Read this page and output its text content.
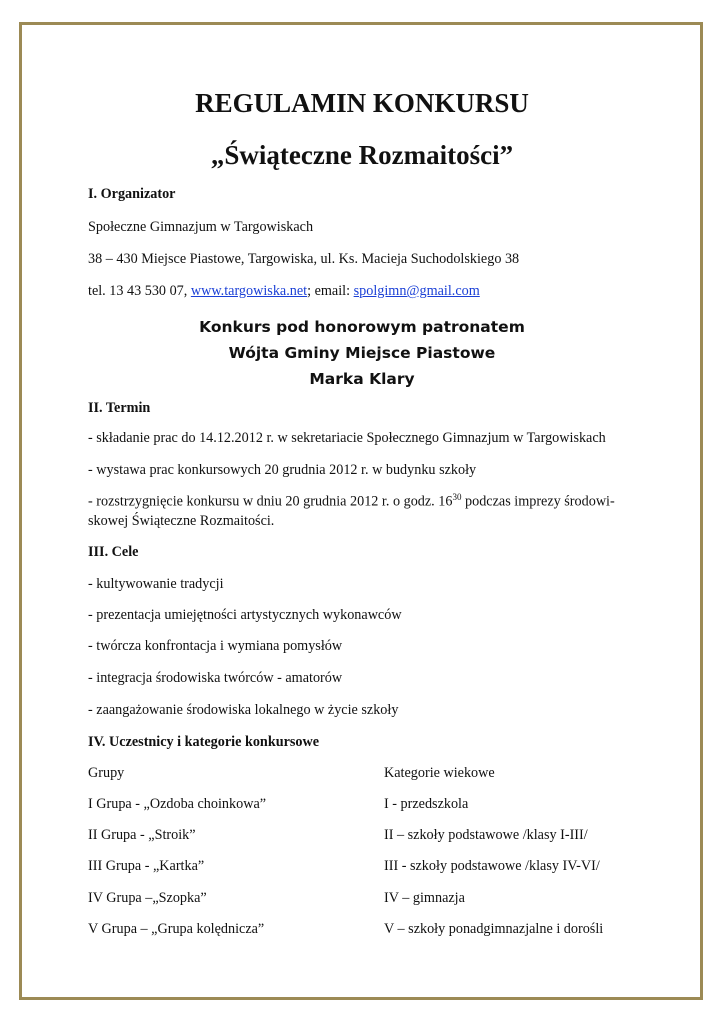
REGULAMIN KONKURSU
„Świąteczne Rozmaitości”

I. Organizator

Społeczne Gimnazjum w Targowiskach

38 – 430 Miejsce Piastowe, Targowiska, ul. Ks. Macieja Suchodolskiego 38

tel. 13 43 530 07, www.targowiska.net; email: spolgimn@gmail.com

Konkurs pod honorowym patronatem

Wójta Gminy Miejsce Piastowe

Marka Klary

II. Termin

- składanie prac do 14.12.2012 r. w sekretariacie Społecznego Gimnazjum w Targowiskach

- wystawa prac konkursowych 20 grudnia 2012 r. w budynku szkoły

- rozstrzygnięcie konkursu w dniu 20 grudnia 2012 r. o godz. $16^{30}$ podczas imprezy środowi-

skowej Świąteczne Rozmaitości.

III. Cele

- kultywowanie tradycji

- prezentacja umiejętności artystycznych wykonawców

- twórcza konfrontacja i wymiana pomysłów

- integracja środowiska twórców - amatorów

- zaangażowanie środowiska lokalnego w życie szkoły

IV. Uczestnicy i kategorie konkursowe

Grupy	Kategorie wiekowe

I Grupa - „Ozdoba choinkowa”	I - przedszkola

II Grupa - „Stroik”	II – szkoły podstawowe /klasy I-III/

III Grupa - „Kartka”	III - szkoły podstawowe /klasy IV-VI/

IV Grupa –„Szopka”	IV – gimnazja

V Grupa – „Grupa kolędnicza”	V – szkoły ponadgimnazjalne i dorośli
